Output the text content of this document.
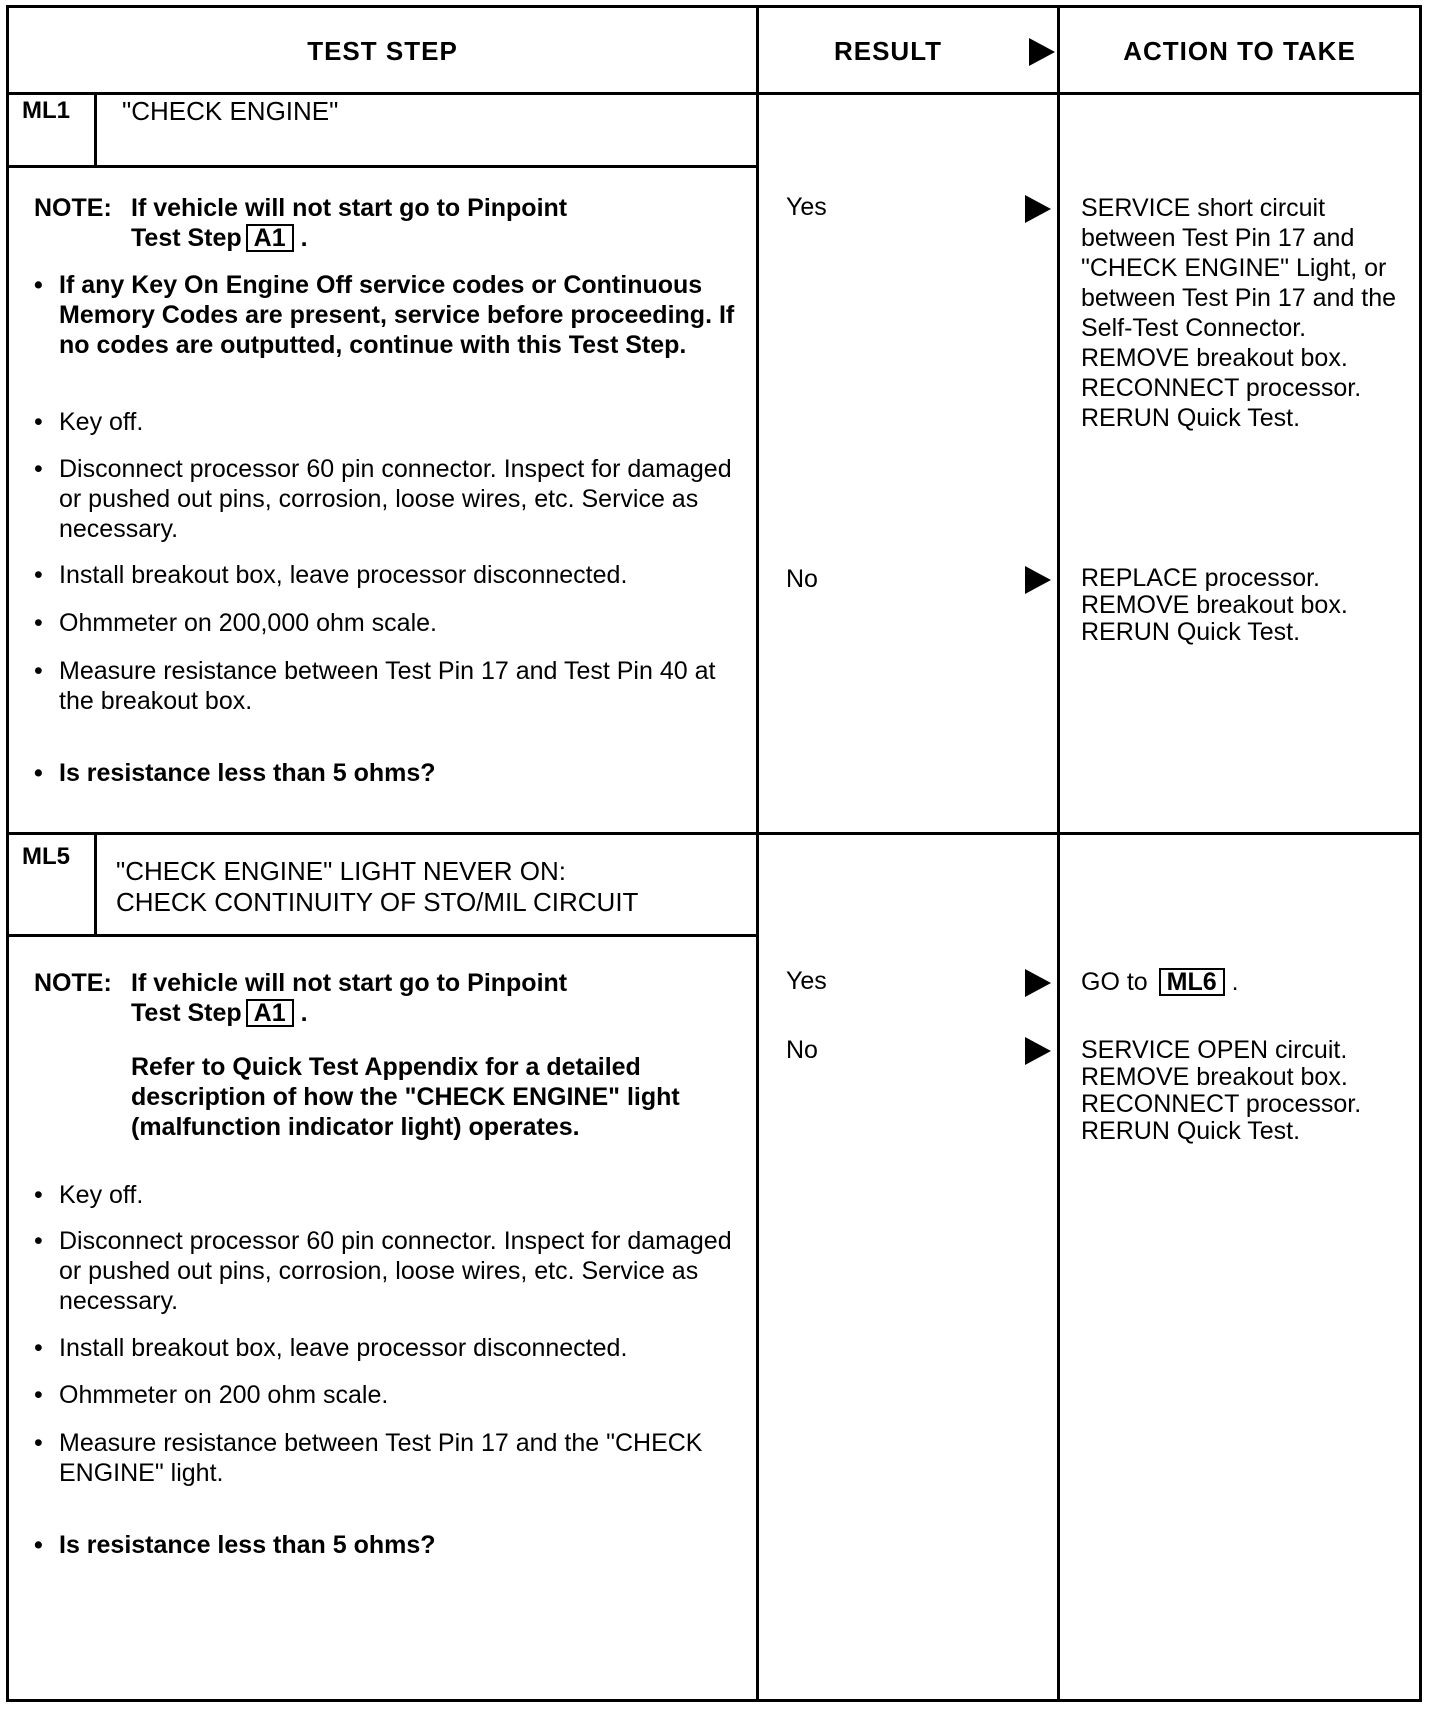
TEST STEP	RESULT	ACTION TO TAKE
ML1 "CHECK ENGINE"
NOTE: If vehicle will not start go to Pinpoint
Test Step A1 .
• If any Key On Engine Off service codes or Continuous Memory Codes are present, service before proceeding. If no codes are outputted, continue with this Test Step.
• Key off.
• Disconnect processor 60 pin connector. Inspect for damaged or pushed out pins, corrosion, loose wires, etc. Service as necessary.
• Install breakout box, leave processor disconnected.
• Ohmmeter on 200,000 ohm scale.
• Measure resistance between Test Pin 17 and Test Pin 40 at the breakout box.
• Is resistance less than 5 ohms?
Yes	SERVICE short circuit between Test Pin 17 and "CHECK ENGINE" Light, or between Test Pin 17 and the Self-Test Connector. REMOVE breakout box. RECONNECT processor. RERUN Quick Test.
No	REPLACE processor. REMOVE breakout box. RERUN Quick Test.
ML5 "CHECK ENGINE" LIGHT NEVER ON:
CHECK CONTINUITY OF STO/MIL CIRCUIT
NOTE: If vehicle will not start go to Pinpoint
Test Step A1 .
Refer to Quick Test Appendix for a detailed description of how the "CHECK ENGINE" light (malfunction indicator light) operates.
• Key off.
• Disconnect processor 60 pin connector. Inspect for damaged or pushed out pins, corrosion, loose wires, etc. Service as necessary.
• Install breakout box, leave processor disconnected.
• Ohmmeter on 200 ohm scale.
• Measure resistance between Test Pin 17 and the "CHECK ENGINE" light.
• Is resistance less than 5 ohms?
Yes	GO to ML6 .
No	SERVICE OPEN circuit. REMOVE breakout box. RECONNECT processor. RERUN Quick Test.
